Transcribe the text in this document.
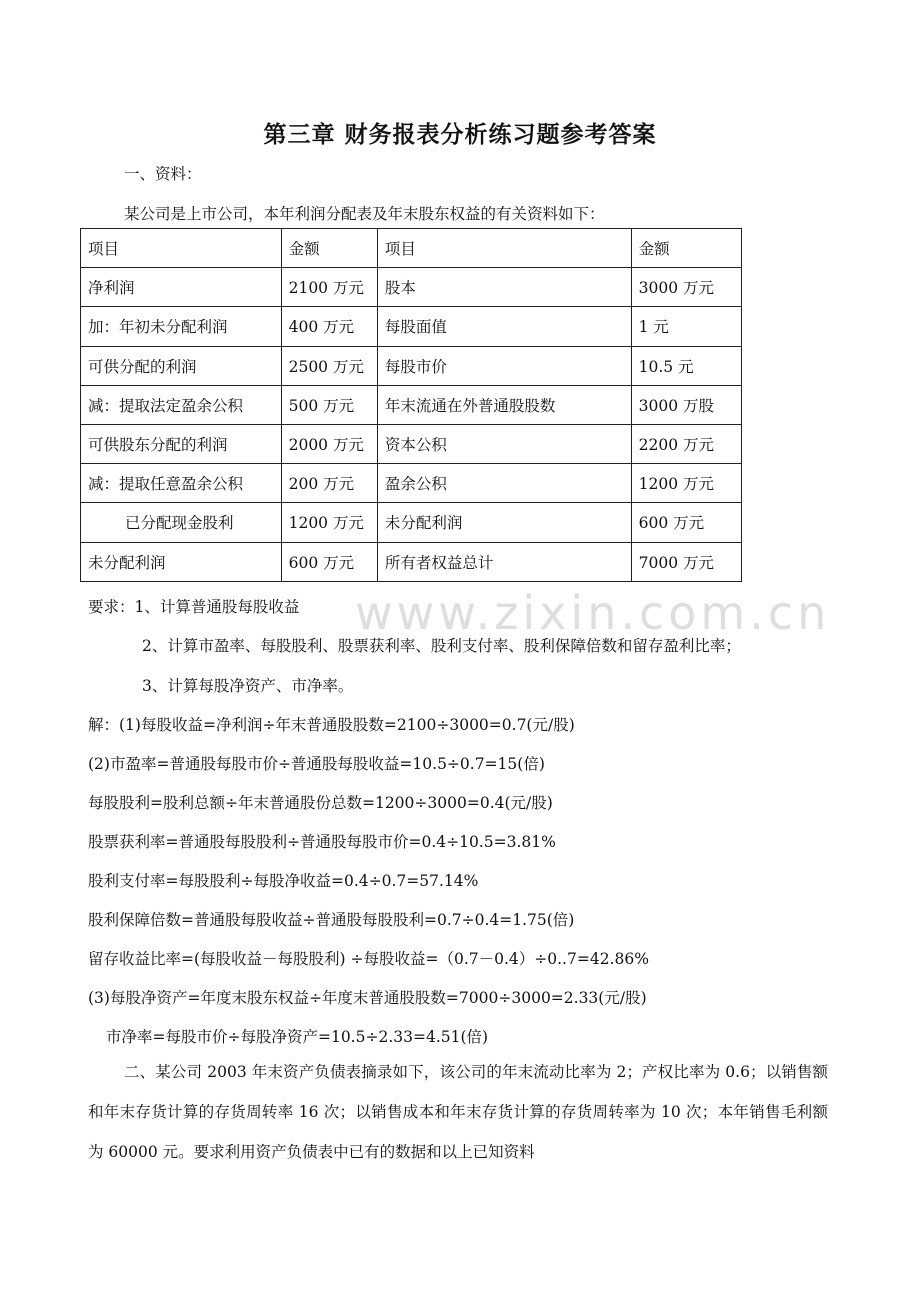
第三章 财务报表分析练习题参考答案
一、资料：
某公司是上市公司，本年利润分配表及年末股东权益的有关资料如下：
项目	金额	项目	金额
净利润	2100 万元	股本	3000 万元
加：年初未分配利润	400 万元	每股面值	1 元
可供分配的利润	2500 万元	每股市价	10.5 元
减：提取法定盈余公积	500 万元	年末流通在外普通股股数	3000 万股
可供股东分配的利润	2000 万元	资本公积	2200 万元
减：提取任意盈余公积	200 万元	盈余公积	1200 万元
已分配现金股利	1200 万元	未分配利润	600 万元
未分配利润	600 万元	所有者权益总计	7000 万元
www.zixin.com.cn
要求：1、计算普通股每股收益
2、计算市盈率、每股股利、股票获利率、股利支付率、股利保障倍数和留存盈利比率；
3、计算每股净资产、市净率。
解：(1)每股收益=净利润÷年末普通股股数=2100÷3000=0.7(元/股)
(2)市盈率=普通股每股市价÷普通股每股收益=10.5÷0.7=15(倍)
每股股利=股利总额÷年末普通股份总数=1200÷3000=0.4(元/股)
股票获利率=普通股每股股利÷普通股每股市价=0.4÷10.5=3.81%
股利支付率=每股股利÷每股净收益=0.4÷0.7=57.14%
股利保障倍数=普通股每股收益÷普通股每股股利=0.7÷0.4=1.75(倍)
留存收益比率=(每股收益－每股股利) ÷每股收益=（0.7－0.4）÷0..7=42.86%
(3)每股净资产=年度末股东权益÷年度末普通股股数=7000÷3000=2.33(元/股)
市净率=每股市价÷每股净资产=10.5÷2.33=4.51(倍)
二、某公司 2003 年末资产负债表摘录如下，该公司的年末流动比率为 2；产权比率为 0.6；以销售额和年末存货计算的存货周转率 16 次；以销售成本和年末存货计算的存货周转率为 10 次；本年销售毛利额为 60000 元。要求利用资产负债表中已有的数据和以上已知资料
